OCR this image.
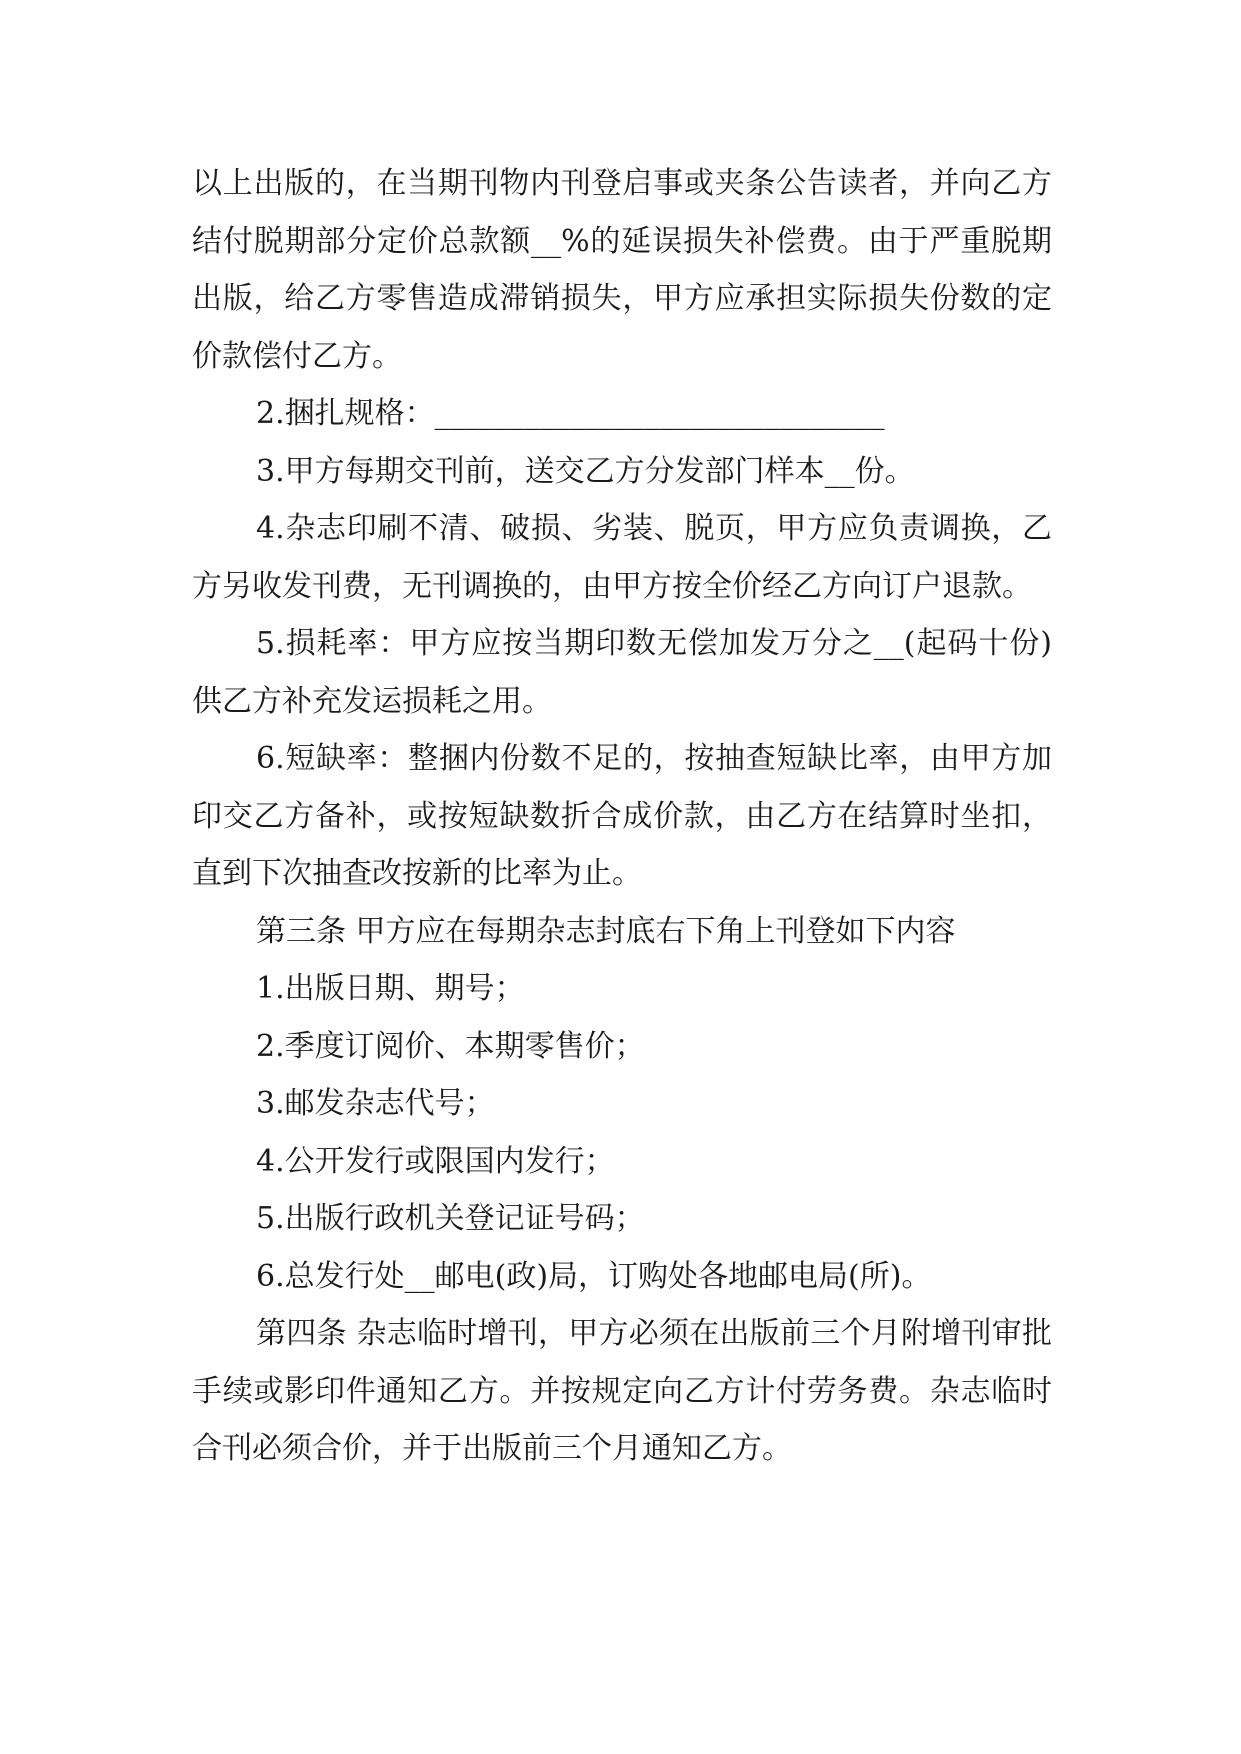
以上出版的，在当期刊物内刊登启事或夹条公告读者，并向乙方结付脱期部分定价总款额__%的延误损失补偿费。由于严重脱期出版，给乙方零售造成滞销损失，甲方应承担实际损失份数的定价款偿付乙方。

2.捆扎规格：______________________________

3.甲方每期交刊前，送交乙方分发部门样本__份。

4.杂志印刷不清、破损、劣装、脱页，甲方应负责调换，乙方另收发刊费，无刊调换的，由甲方按全价经乙方向订户退款。

5.损耗率：甲方应按当期印数无偿加发万分之__(起码十份)供乙方补充发运损耗之用。

6.短缺率：整捆内份数不足的，按抽查短缺比率，由甲方加印交乙方备补，或按短缺数折合成价款，由乙方在结算时坐扣，直到下次抽查改按新的比率为止。

第三条 甲方应在每期杂志封底右下角上刊登如下内容

1.出版日期、期号；

2.季度订阅价、本期零售价；

3.邮发杂志代号；

4.公开发行或限国内发行；

5.出版行政机关登记证号码；

6.总发行处__邮电(政)局，订购处各地邮电局(所)。

第四条 杂志临时增刊，甲方必须在出版前三个月附增刊审批手续或影印件通知乙方。并按规定向乙方计付劳务费。杂志临时合刊必须合价，并于出版前三个月通知乙方。
